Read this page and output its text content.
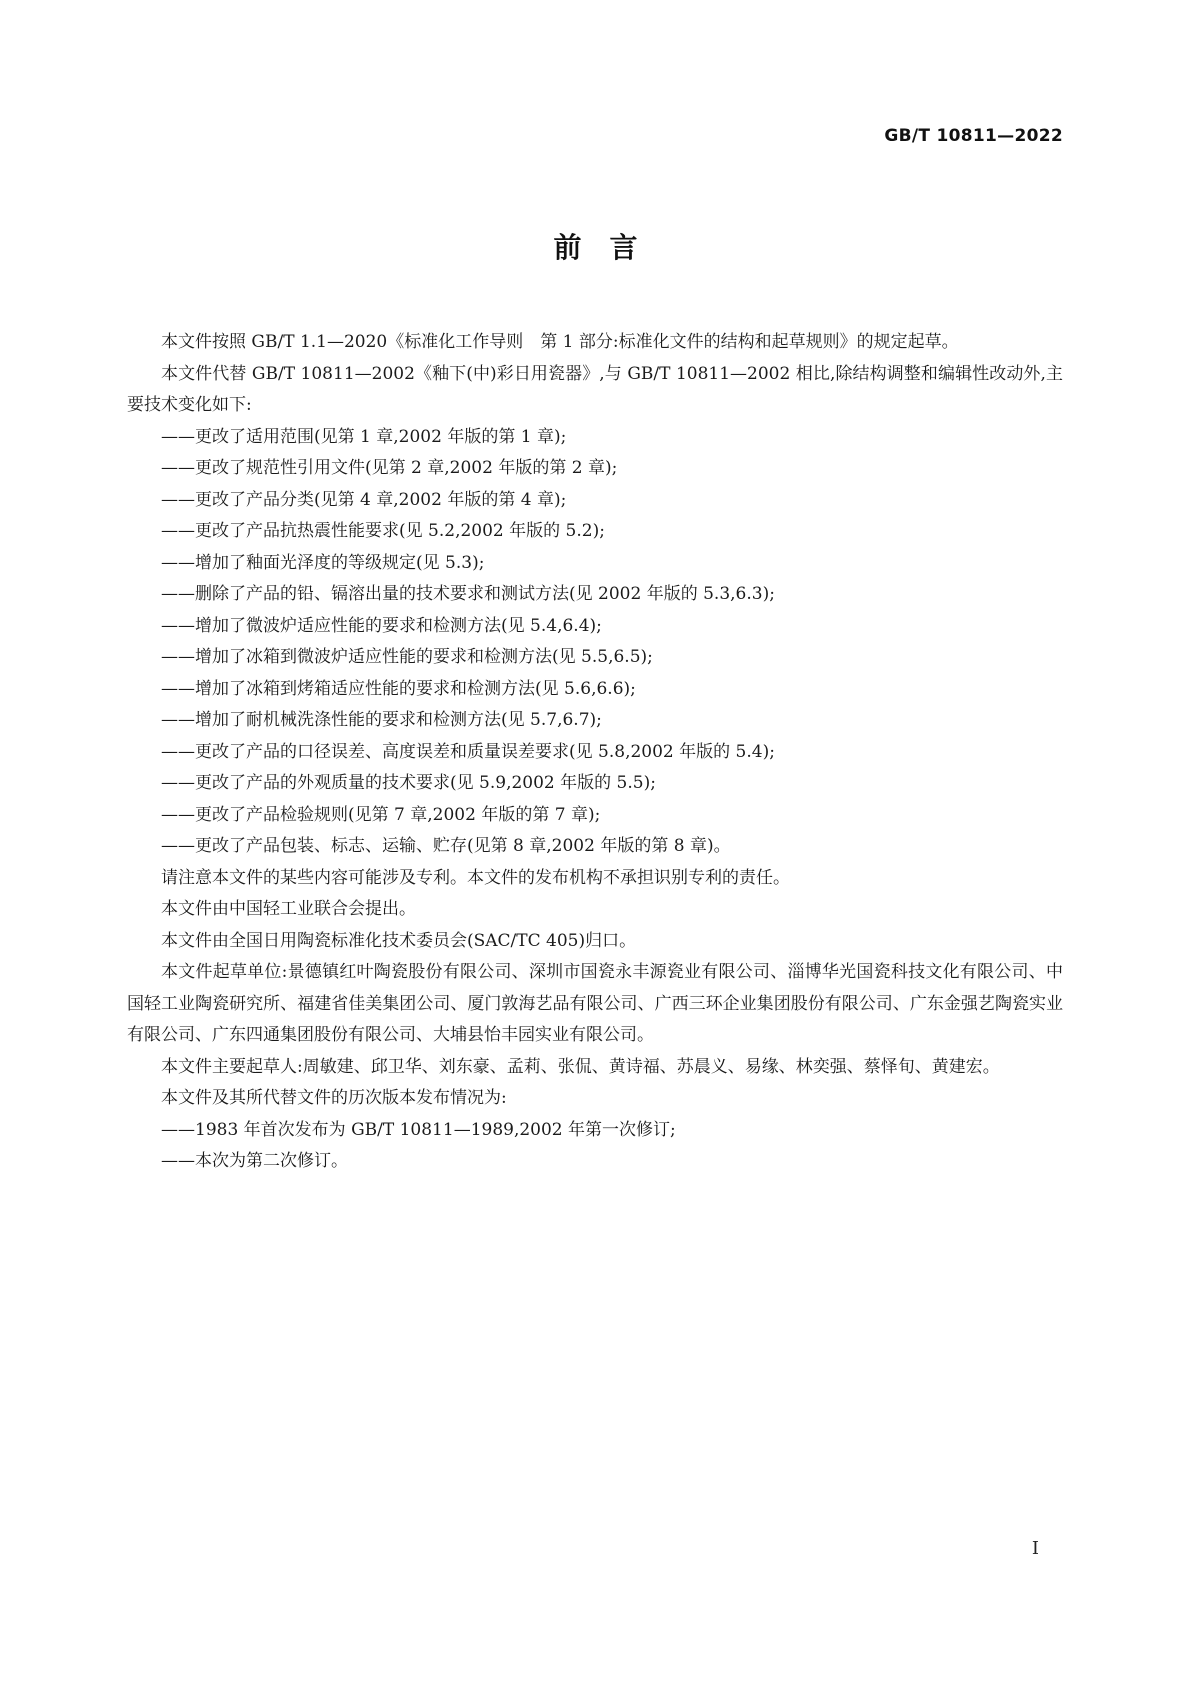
GB/T 10811—2022
前言

本文件按照 GB/T 1.1—2020《标准化工作导则　第 1 部分:标准化文件的结构和起草规则》的规定起草。

本文件代替 GB/T 10811—2002《釉下(中)彩日用瓷器》,与 GB/T 10811—2002 相比,除结构调整和编辑性改动外,主要技术变化如下:

——更改了适用范围(见第 1 章,2002 年版的第 1 章);

——更改了规范性引用文件(见第 2 章,2002 年版的第 2 章);

——更改了产品分类(见第 4 章,2002 年版的第 4 章);

——更改了产品抗热震性能要求(见 5.2,2002 年版的 5.2);

——增加了釉面光泽度的等级规定(见 5.3);

——删除了产品的铅、镉溶出量的技术要求和测试方法(见 2002 年版的 5.3,6.3);

——增加了微波炉适应性能的要求和检测方法(见 5.4,6.4);

——增加了冰箱到微波炉适应性能的要求和检测方法(见 5.5,6.5);

——增加了冰箱到烤箱适应性能的要求和检测方法(见 5.6,6.6);

——增加了耐机械洗涤性能的要求和检测方法(见 5.7,6.7);

——更改了产品的口径误差、高度误差和质量误差要求(见 5.8,2002 年版的 5.4);

——更改了产品的外观质量的技术要求(见 5.9,2002 年版的 5.5);

——更改了产品检验规则(见第 7 章,2002 年版的第 7 章);

——更改了产品包装、标志、运输、贮存(见第 8 章,2002 年版的第 8 章)。

请注意本文件的某些内容可能涉及专利。本文件的发布机构不承担识别专利的责任。

本文件由中国轻工业联合会提出。

本文件由全国日用陶瓷标准化技术委员会(SAC/TC 405)归口。

本文件起草单位:景德镇红叶陶瓷股份有限公司、深圳市国瓷永丰源瓷业有限公司、淄博华光国瓷科技文化有限公司、中国轻工业陶瓷研究所、福建省佳美集团公司、厦门敦海艺品有限公司、广西三环企业集团股份有限公司、广东金强艺陶瓷实业有限公司、广东四通集团股份有限公司、大埔县怡丰园实业有限公司。

本文件主要起草人:周敏建、邱卫华、刘东豪、孟莉、张侃、黄诗福、苏晨义、易缘、林奕强、蔡怿旬、黄建宏。

本文件及其所代替文件的历次版本发布情况为:

——1983 年首次发布为 GB/T 10811—1989,2002 年第一次修订;

——本次为第二次修订。

I
